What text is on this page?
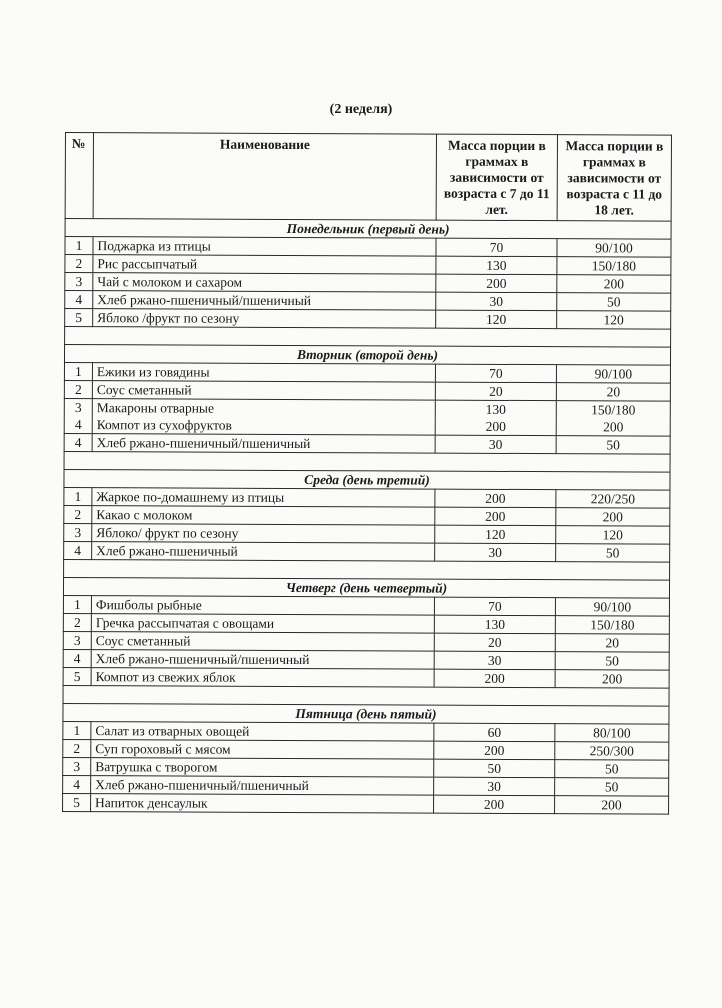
(2 неделя)
№	Наименование	Масса порции в граммах в зависимости от возраста с 7 до 11 лет.	Масса порции в граммах в зависимости от возраста с 11 до 18 лет.
Понедельник (первый день)			
1	Поджарка из птицы	70	90/100
2	Рис рассыпчатый	130	150/180
3	Чай с молоком и сахаром	200	200
4	Хлеб ржано-пшеничный/пшеничный	30	50
5	Яблоко /фрукт по сезону	120	120

Вторник (второй день)			
1	Ежики из говядины	70	90/100
2	Соус сметанный	20	20
3	Макароны отварные	130	150/180
4	Компот из сухофруктов	200	200
4	Хлеб ржано-пшеничный/пшеничный	30	50

Среда (день третий)			
1	Жаркое по-домашнему из птицы	200	220/250
2	Какао с молоком	200	200
3	Яблоко/ фрукт по сезону	120	120
4	Хлеб ржано-пшеничный	30	50

Четверг (день четвертый)			
1	Фишболы рыбные	70	90/100
2	Гречка рассыпчатая с овощами	130	150/180
3	Соус сметанный	20	20
4	Хлеб ржано-пшеничный/пшеничный	30	50
5	Компот из свежих яблок	200	200

Пятница (день пятый)			
1	Салат из отварных овощей	60	80/100
2	Суп гороховый с мясом	200	250/300
3	Ватрушка с творогом	50	50
4	Хлеб ржано-пшеничный/пшеничный	30	50
5	Напиток денсаулык	200	200
